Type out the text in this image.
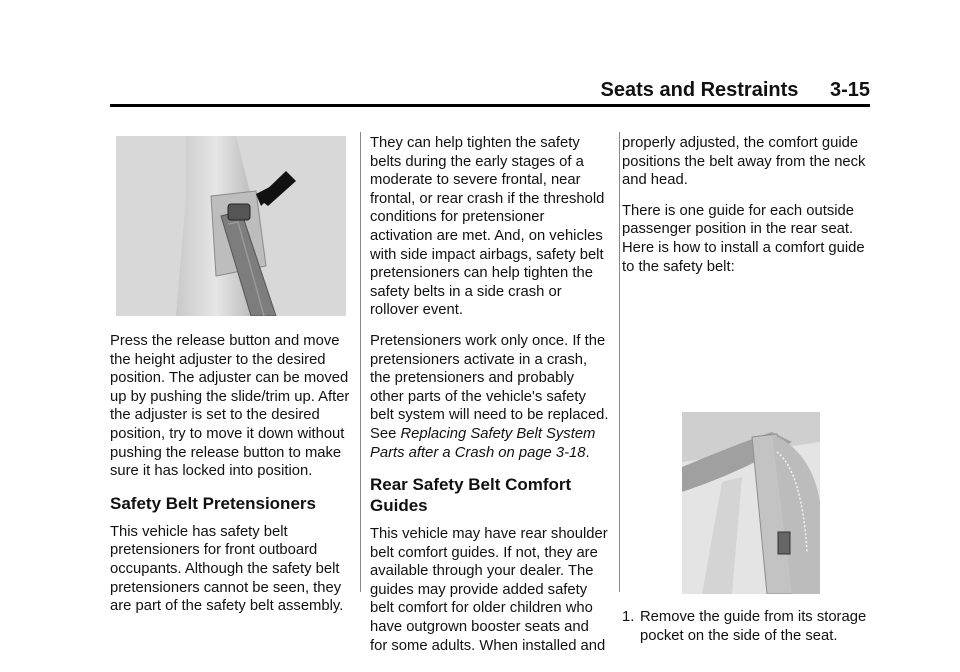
Seats and Restraints 3-15

Press the release button and move the height adjuster to the desired position. The adjuster can be moved up by pushing the slide/trim up. After the adjuster is set to the desired position, try to move it down without pushing the release button to make sure it has locked into position.

Safety Belt Pretensioners

This vehicle has safety belt pretensioners for front outboard occupants. Although the safety belt pretensioners cannot be seen, they are part of the safety belt assembly.

They can help tighten the safety belts during the early stages of a moderate to severe frontal, near frontal, or rear crash if the threshold conditions for pretensioner activation are met. And, on vehicles with side impact airbags, safety belt pretensioners can help tighten the safety belts in a side crash or rollover event.

Pretensioners work only once. If the pretensioners activate in a crash, the pretensioners and probably other parts of the vehicle's safety belt system will need to be replaced. See Replacing Safety Belt System Parts after a Crash on page 3-18.

Rear Safety Belt Comfort Guides

This vehicle may have rear shoulder belt comfort guides. If not, they are available through your dealer. The guides may provide added safety belt comfort for older children who have outgrown booster seats and for some adults. When installed and

properly adjusted, the comfort guide positions the belt away from the neck and head.

There is one guide for each outside passenger position in the rear seat. Here is how to install a comfort guide to the safety belt:

1. Remove the guide from its storage pocket on the side of the seat.
